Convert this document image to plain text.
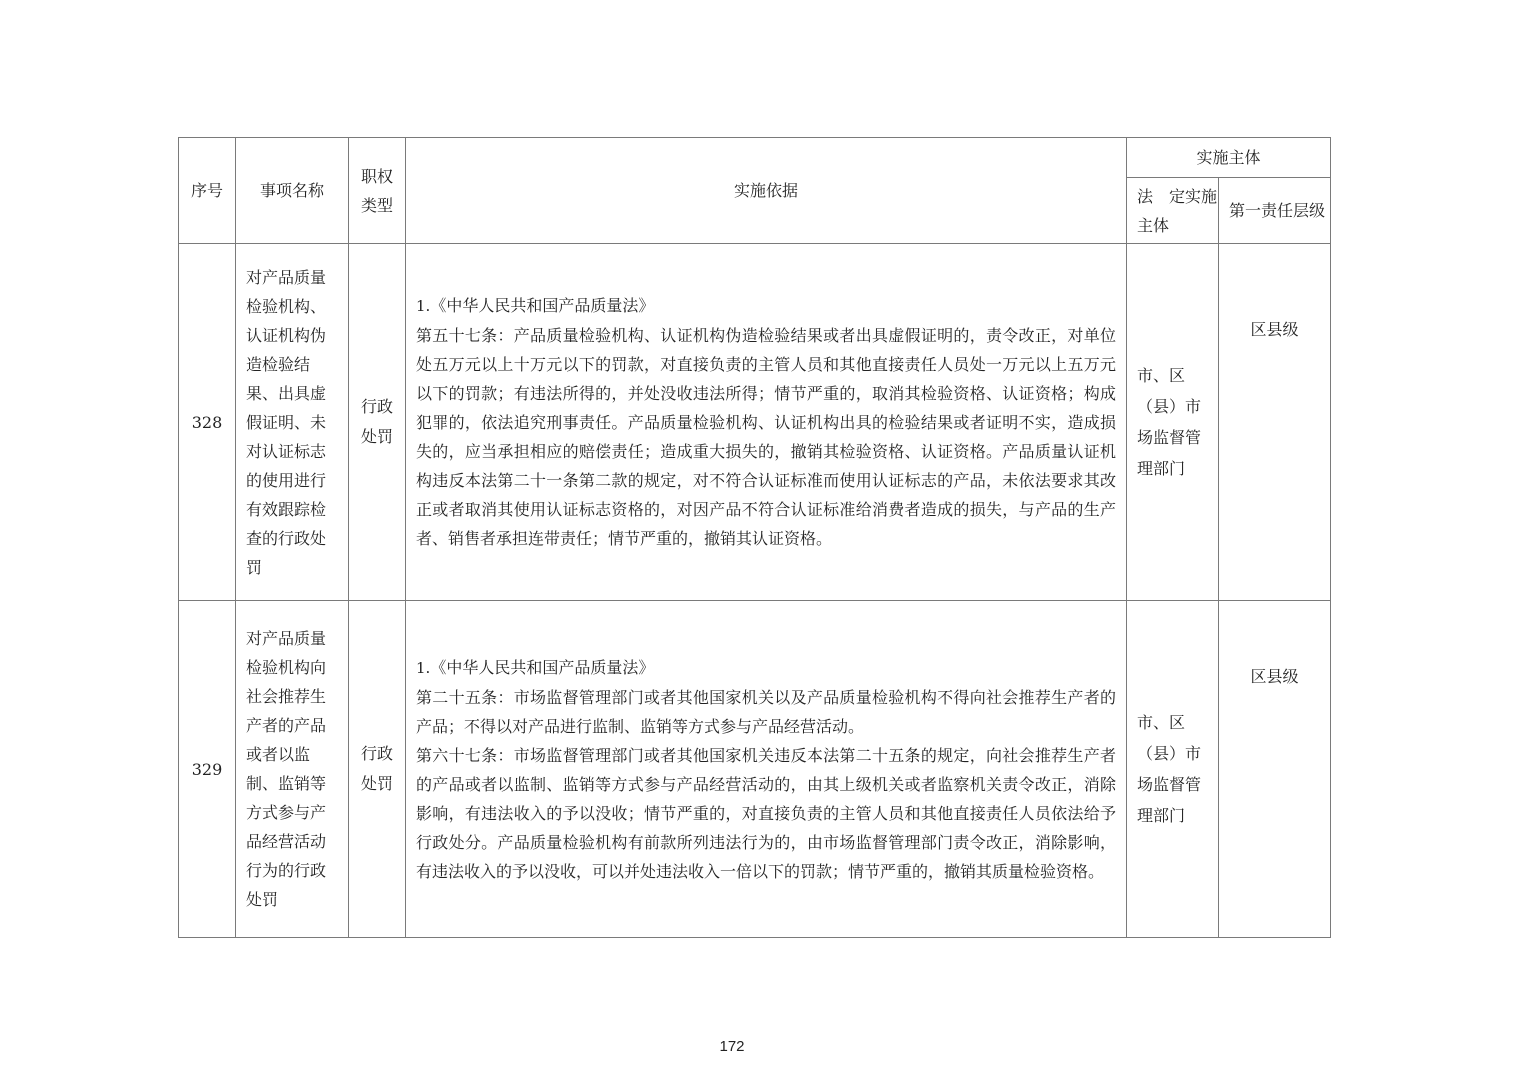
序号	事项名称	职权类型	实施依据	实施主体	
				法　定实施主体	第一责任层级
328	对产品质量检验机构、认证机构伪造检验结果、出具虚假证明、未对认证标志的使用进行有效跟踪检查的行政处罚	行政处罚	1.《中华人民共和国产品质量法》
第五十七条：产品质量检验机构、认证机构伪造检验结果或者出具虚假证明的，责令改正，对单位处五万元以上十万元以下的罚款，对直接负责的主管人员和其他直接责任人员处一万元以上五万元以下的罚款；有违法所得的，并处没收违法所得；情节严重的，取消其检验资格、认证资格；构成犯罪的，依法追究刑事责任。产品质量检验机构、认证机构出具的检验结果或者证明不实，造成损失的，应当承担相应的赔偿责任；造成重大损失的，撤销其检验资格、认证资格。产品质量认证机构违反本法第二十一条第二款的规定，对不符合认证标准而使用认证标志的产品，未依法要求其改正或者取消其使用认证标志资格的，对因产品不符合认证标准给消费者造成的损失，与产品的生产者、销售者承担连带责任；情节严重的，撤销其认证资格。	市、区（县）市场监督管理部门	区县级
329	对产品质量检验机构向社会推荐生产者的产品或者以监制、监销等方式参与产品经营活动行为的行政处罚	行政处罚	1.《中华人民共和国产品质量法》
第二十五条：市场监督管理部门或者其他国家机关以及产品质量检验机构不得向社会推荐生产者的产品；不得以对产品进行监制、监销等方式参与产品经营活动。
第六十七条：市场监督管理部门或者其他国家机关违反本法第二十五条的规定，向社会推荐生产者的产品或者以监制、监销等方式参与产品经营活动的，由其上级机关或者监察机关责令改正，消除影响，有违法收入的予以没收；情节严重的，对直接负责的主管人员和其他直接责任人员依法给予行政处分。产品质量检验机构有前款所列违法行为的，由市场监督管理部门责令改正，消除影响，有违法收入的予以没收，可以并处违法收入一倍以下的罚款；情节严重的，撤销其质量检验资格。	市、区（县）市场监督管理部门	区县级
172
